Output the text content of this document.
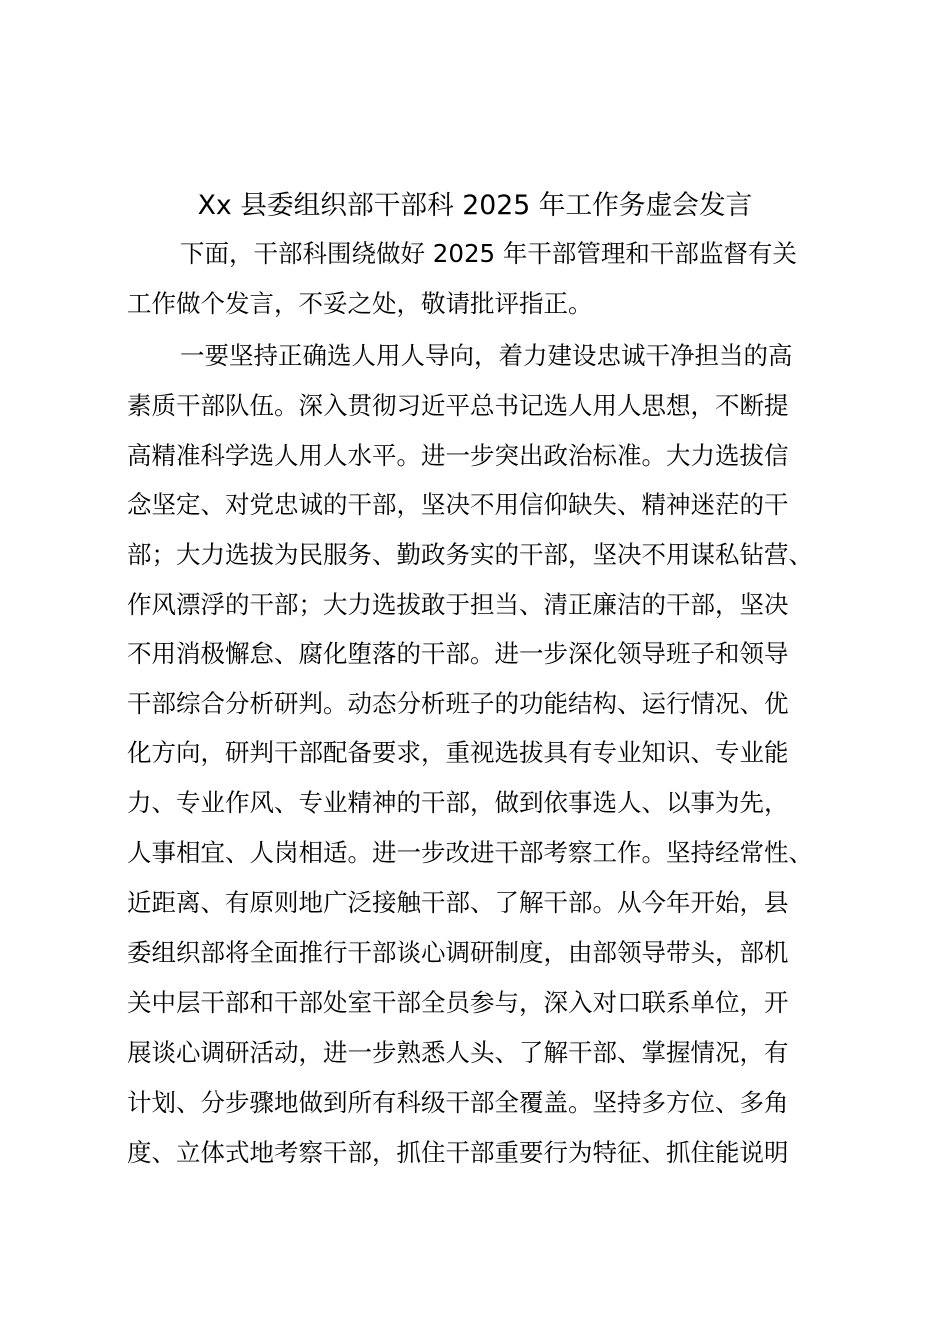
Xx 县委组织部干部科 2025 年工作务虚会发言
下面，干部科围绕做好 2025 年干部管理和干部监督有关
工作做个发言，不妥之处，敬请批评指正。
一要坚持正确选人用人导向，着力建设忠诚干净担当的高
素质干部队伍。深入贯彻习近平总书记选人用人思想，不断提
高精准科学选人用人水平。进一步突出政治标准。大力选拔信
念坚定、对党忠诚的干部，坚决不用信仰缺失、精神迷茫的干
部；大力选拔为民服务、勤政务实的干部，坚决不用谋私钻营、
作风漂浮的干部；大力选拔敢于担当、清正廉洁的干部，坚决
不用消极懈怠、腐化堕落的干部。进一步深化领导班子和领导
干部综合分析研判。动态分析班子的功能结构、运行情况、优
化方向，研判干部配备要求，重视选拔具有专业知识、专业能
力、专业作风、专业精神的干部，做到依事选人、以事为先，
人事相宜、人岗相适。进一步改进干部考察工作。坚持经常性、
近距离、有原则地广泛接触干部、了解干部。从今年开始，县
委组织部将全面推行干部谈心调研制度，由部领导带头，部机
关中层干部和干部处室干部全员参与，深入对口联系单位，开
展谈心调研活动，进一步熟悉人头、了解干部、掌握情况，有
计划、分步骤地做到所有科级干部全覆盖。坚持多方位、多角
度、立体式地考察干部，抓住干部重要行为特征、抓住能说明
